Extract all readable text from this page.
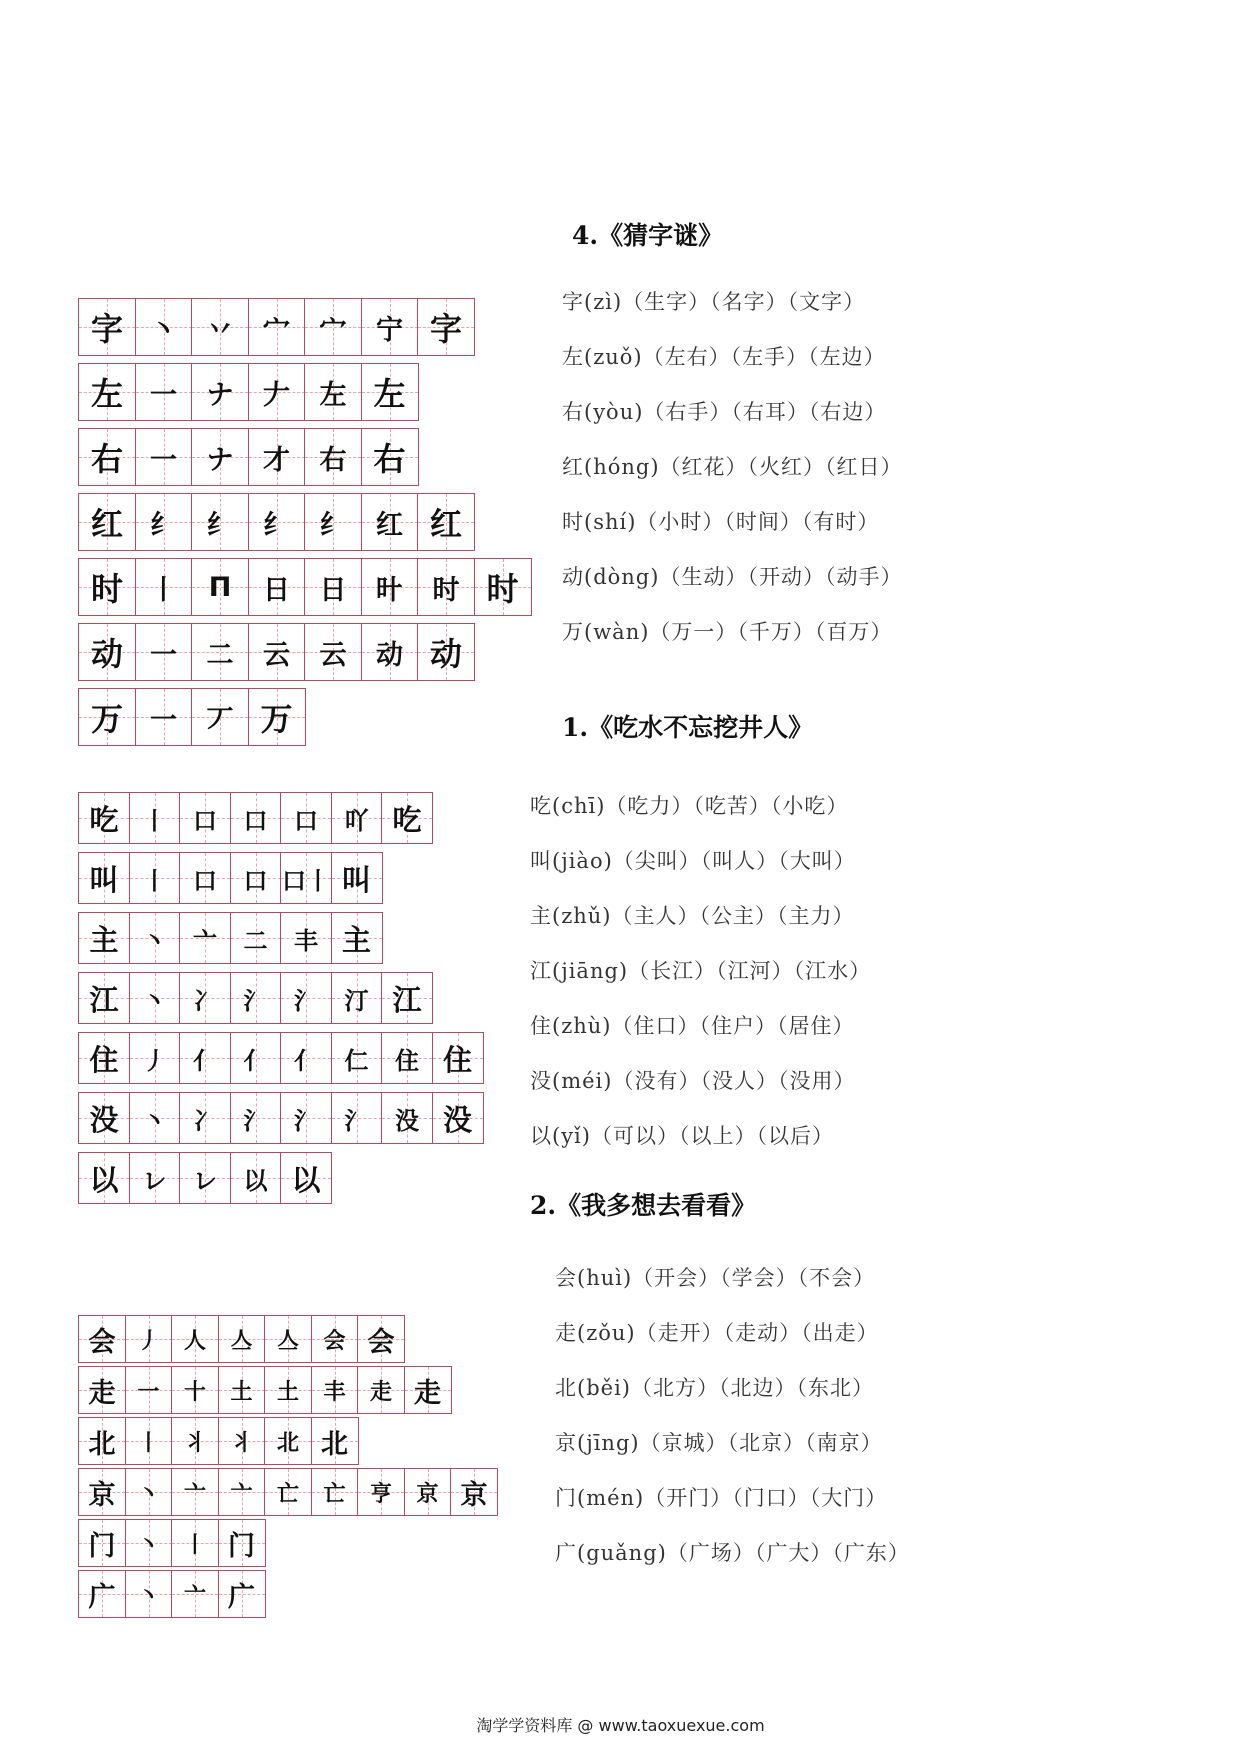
字 丶 丷 宀 宀 宁 字
左 一 ナ 𠂇 左 左
右 一 ナ 才 右 右
红 纟 纟 纟 纟 红 红
时 丨 П 日 日 旪 时 时
动 一 二 云 云 动 动
万 一 丆 万
吃 丨 口 口 口 吖 吃
叫 丨 口 口 口丨 叫
主 丶 亠 二 丰 主
江 丶 冫 氵 氵 汀 江
住 丿 亻 亻 亻 仁 住 住
没 丶 冫 氵 氵 氵 没 没
以 レ レ 以 以
会 丿 人 亼 亼 会 会
走 一 十 土 土 丰 走 走
北 丨 丬 丬 北 北
京 丶 亠 亠 亡 亡 亨 京 京
门 丶 丨 门
广 丶 亠 广
4.《猜字谜》
字(zì)（生字）（名字）（文字）
左(zuǒ)（左右）（左手）（左边）
右(yòu)（右手）（右耳）（右边）
红(hóng)（红花）（火红）（红日）
时(shí)（小时）（时间）（有时）
动(dòng)（生动）（开动）（动手）
万(wàn)（万一）（千万）（百万）
1.《吃水不忘挖井人》
吃(chī)（吃力）（吃苦）（小吃）
叫(jiào)（尖叫）（叫人）（大叫）
主(zhǔ)（主人）（公主）（主力）
江(jiāng)（长江）（江河）（江水）
住(zhù)（住口）（住户）（居住）
没(méi)（没有）（没人）（没用）
以(yǐ)（可以）（以上）（以后）
2.《我多想去看看》
会(huì)（开会）（学会）（不会）
走(zǒu)（走开）（走动）（出走）
北(běi)（北方）（北边）（东北）
京(jīng)（京城）（北京）（南京）
门(mén)（开门）（门口）（大门）
广(guǎng)（广场）（广大）（广东）
淘学学资料库 @ www.taoxuexue.com
